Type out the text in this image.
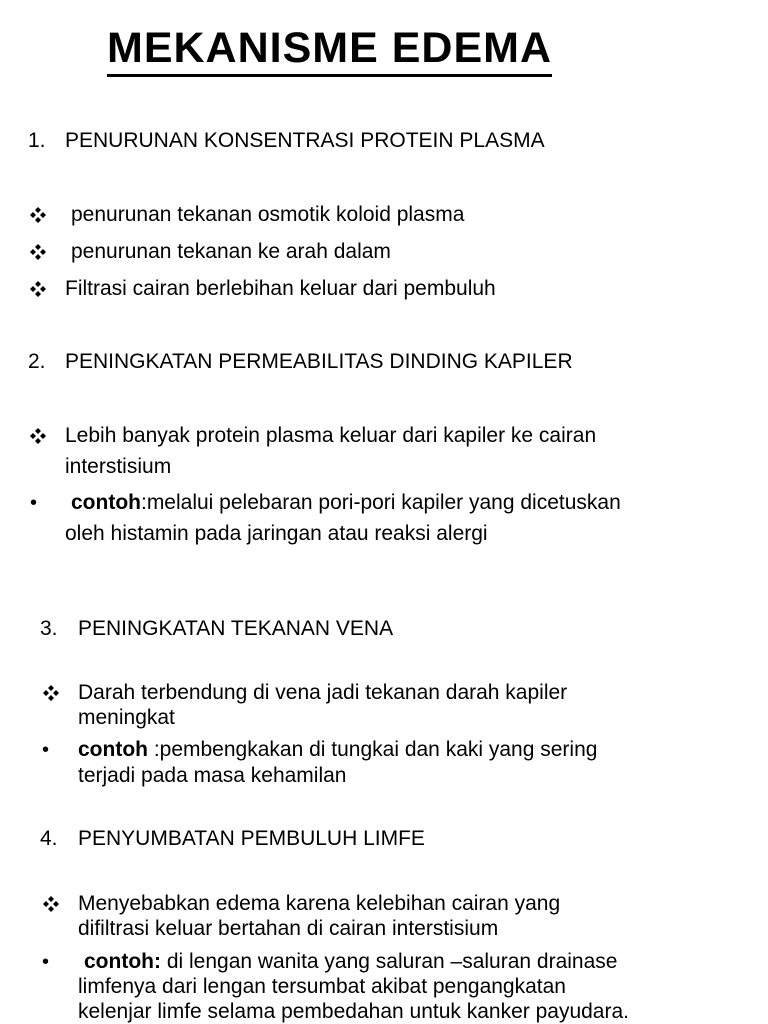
MEKANISME EDEMA
1. PENURUNAN KONSENTRASI PROTEIN PLASMA
penurunan tekanan osmotik koloid plasma
penurunan tekanan ke arah dalam
Filtrasi cairan berlebihan keluar dari pembuluh
2. PENINGKATAN PERMEABILITAS DINDING KAPILER
Lebih banyak protein plasma keluar dari kapiler ke cairan
interstisium
• contoh:melalui pelebaran pori-pori kapiler yang dicetuskan
oleh histamin pada jaringan atau reaksi alergi
3. PENINGKATAN TEKANAN VENA
Darah terbendung di vena jadi tekanan darah kapiler
meningkat
• contoh :pembengkakan di tungkai dan kaki yang sering
terjadi pada masa kehamilan
4. PENYUMBATAN PEMBULUH LIMFE
Menyebabkan edema karena kelebihan cairan yang
difiltrasi keluar bertahan di cairan interstisium
• contoh: di lengan wanita yang saluran –saluran drainase
limfenya dari lengan tersumbat akibat pengangkatan
kelenjar limfe selama pembedahan untuk kanker payudara.
